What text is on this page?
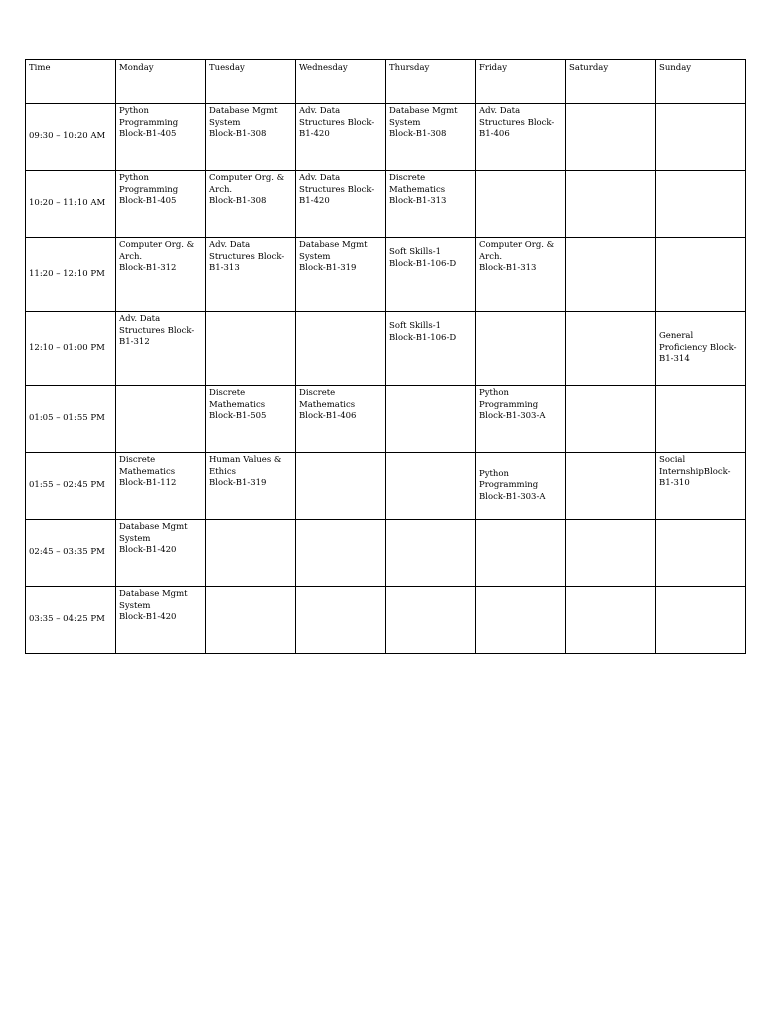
Time	Monday	Tuesday	Wednesday	Thursday	Friday	Saturday	Sunday
09:30 – 10:20 AM	Python
Programming
Block-B1-405	Database Mgmt
System
Block-B1-308	Adv. Data
Structures Block-
B1-420	Database Mgmt
System
Block-B1-308	Adv. Data
Structures Block-
B1-406		
10:20 – 11:10 AM	Python
Programming
Block-B1-405	Computer Org. &
Arch.
Block-B1-308	Adv. Data
Structures Block-
B1-420	Discrete
Mathematics
Block-B1-313			
11:20 – 12:10 PM	Computer Org. &
Arch.
Block-B1-312	Adv. Data
Structures Block-
B1-313	Database Mgmt
System
Block-B1-319	Soft Skills-1
Block-B1-106-D	Computer Org. &
Arch.
Block-B1-313		
12:10 – 01:00 PM	Adv. Data
Structures Block-
B1-312			Soft Skills-1
Block-B1-106-D			General
Proficiency Block-
B1-314
01:05 – 01:55 PM		Discrete
Mathematics
Block-B1-505	Discrete
Mathematics
Block-B1-406		Python
Programming
Block-B1-303-A		
01:55 – 02:45 PM	Discrete
Mathematics
Block-B1-112	Human Values &
Ethics
Block-B1-319			Python
Programming
Block-B1-303-A		Social
InternshipBlock-
B1-310
02:45 – 03:35 PM	Database Mgmt
System
Block-B1-420						
03:35 – 04:25 PM	Database Mgmt
System
Block-B1-420						
